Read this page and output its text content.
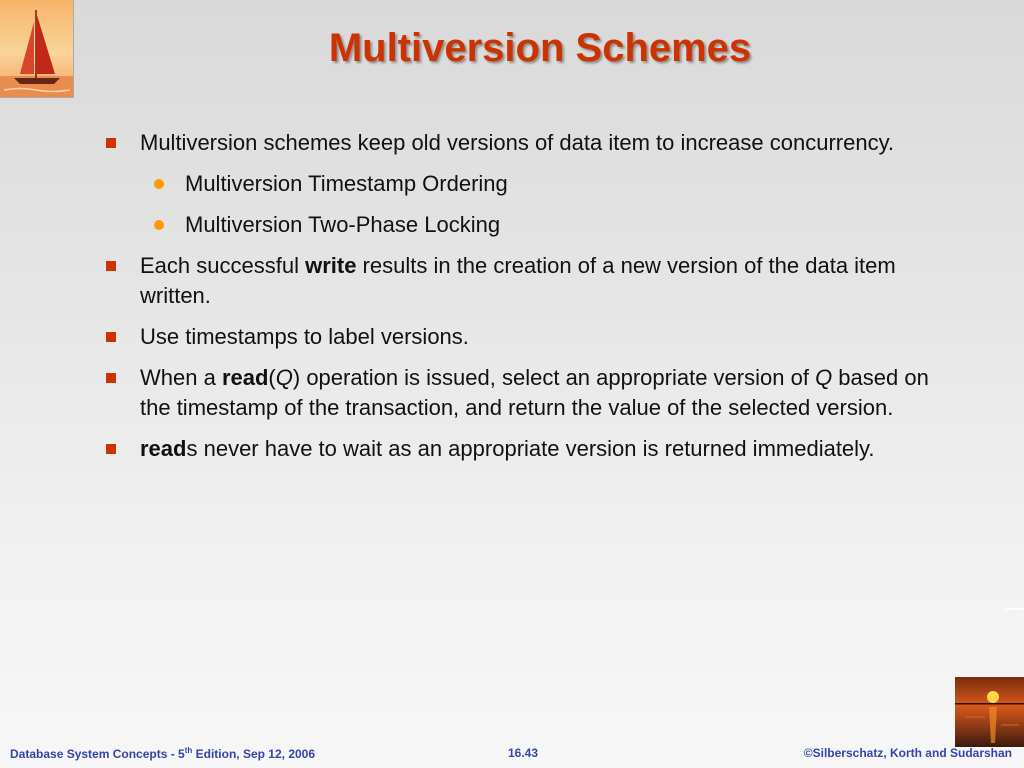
Multiversion Schemes
Multiversion schemes keep old versions of data item to increase concurrency.
Multiversion Timestamp Ordering
Multiversion Two-Phase Locking
Each successful write results in the creation of a new version of the data item written.
Use timestamps to label versions.
When a read(Q) operation is issued, select an appropriate version of Q based on the timestamp of the transaction, and return the value of the selected version.
reads never have to wait as an appropriate version is returned immediately.
Database System Concepts - 5th Edition, Sep 12, 2006	16.43	©Silberschatz, Korth and Sudarshan
